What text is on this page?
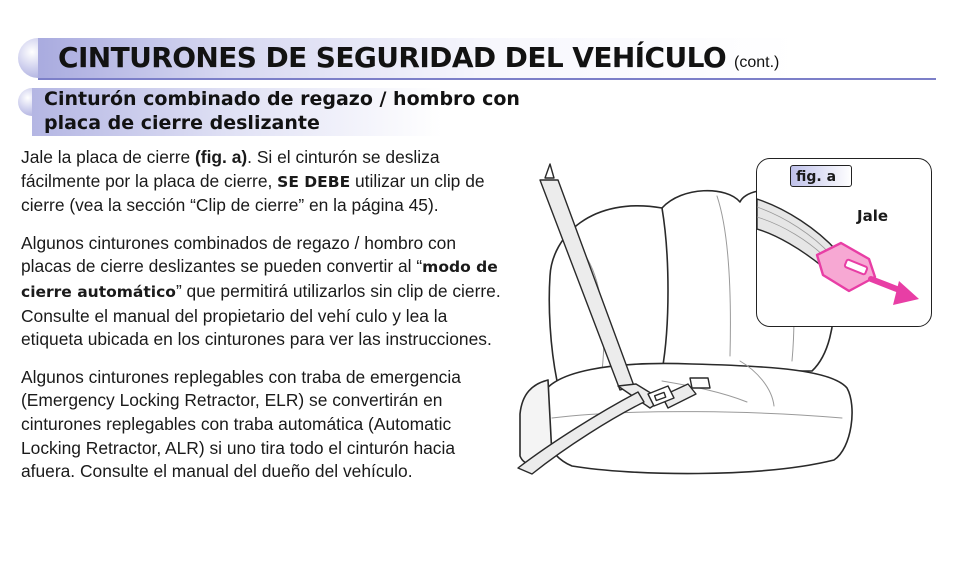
CINTURONES DE SEGURIDAD DEL VEHÍCULO (cont.)
Cinturón combinado de regazo / hombro con
placa de cierre deslizante

Jale la placa de cierre (fig. a). Si el cinturón se desliza fácilmente por la placa de cierre, SE DEBE utilizar un clip de cierre (vea la sección “Clip de cierre” en la página 45).

Algunos cinturones combinados de regazo / hombro con placas de cierre deslizantes se pueden convertir al “modo de cierre automático” que permitirá utilizarlos sin clip de cierre. Consulte el manual del propietario del vehí culo y lea la etiqueta ubicada en los cinturones para ver las instrucciones.

Algunos cinturones replegables con traba de emergencia (Emergency Locking Retractor, ELR) se convertirán en cinturones replegables con traba automática (Automatic Locking Retractor, ALR) si uno tira todo el cinturón hacia afuera. Consulte el manual del dueño del vehículo.

fig. a
Jale
